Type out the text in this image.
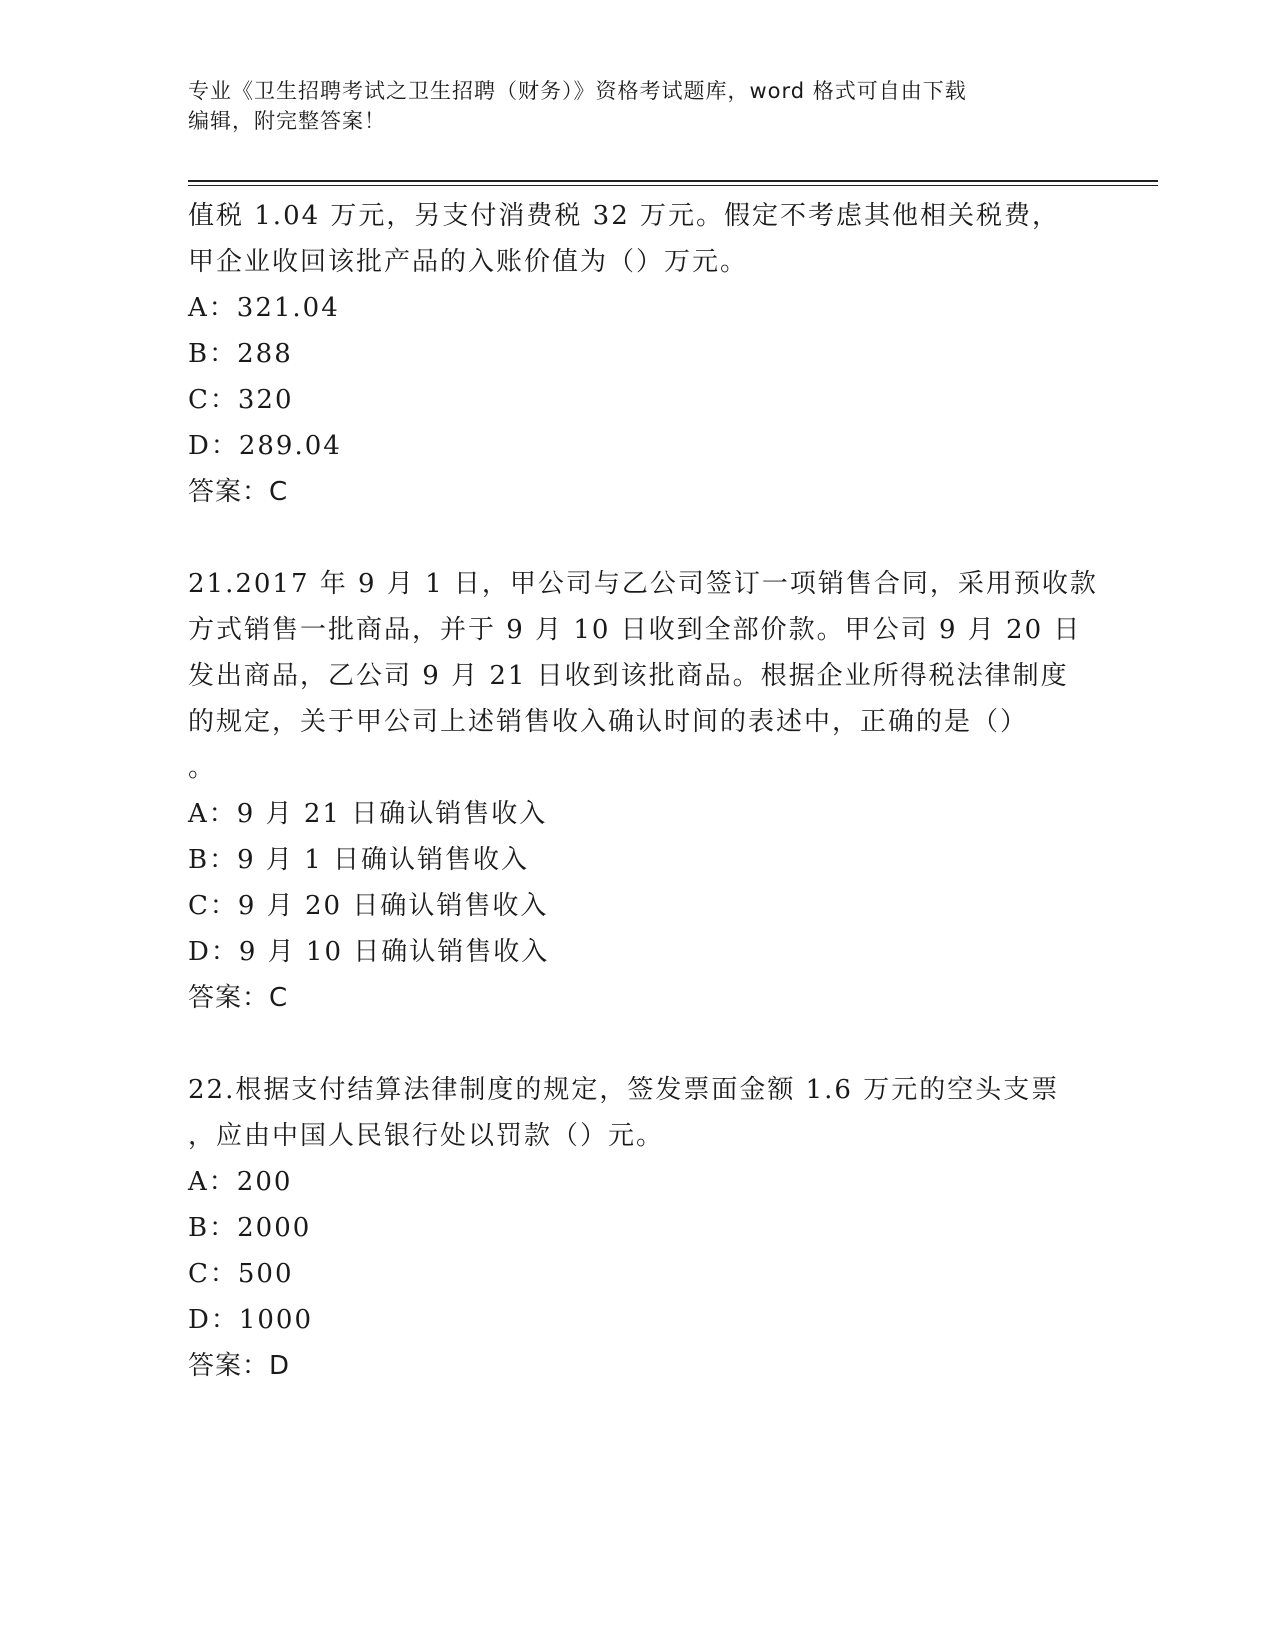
专业《卫生招聘考试之卫生招聘（财务）》资格考试题库，word 格式可自由下载
编辑，附完整答案！
值税 1.04 万元，另支付消费税 32 万元。假定不考虑其他相关税费，
甲企业收回该批产品的入账价值为（）万元。
A：321.04
B：288
C：320
D：289.04
答案：C
21.2017 年 9 月 1 日，甲公司与乙公司签订一项销售合同，采用预收款
方式销售一批商品，并于 9 月 10 日收到全部价款。甲公司 9 月 20 日
发出商品，乙公司 9 月 21 日收到该批商品。根据企业所得税法律制度
的规定，关于甲公司上述销售收入确认时间的表述中，正确的是（）
。
A：9 月 21 日确认销售收入
B：9 月 1 日确认销售收入
C：9 月 20 日确认销售收入
D：9 月 10 日确认销售收入
答案：C
22.根据支付结算法律制度的规定，签发票面金额 1.6 万元的空头支票
，应由中国人民银行处以罚款（）元。
A：200
B：2000
C：500
D：1000
答案：D
